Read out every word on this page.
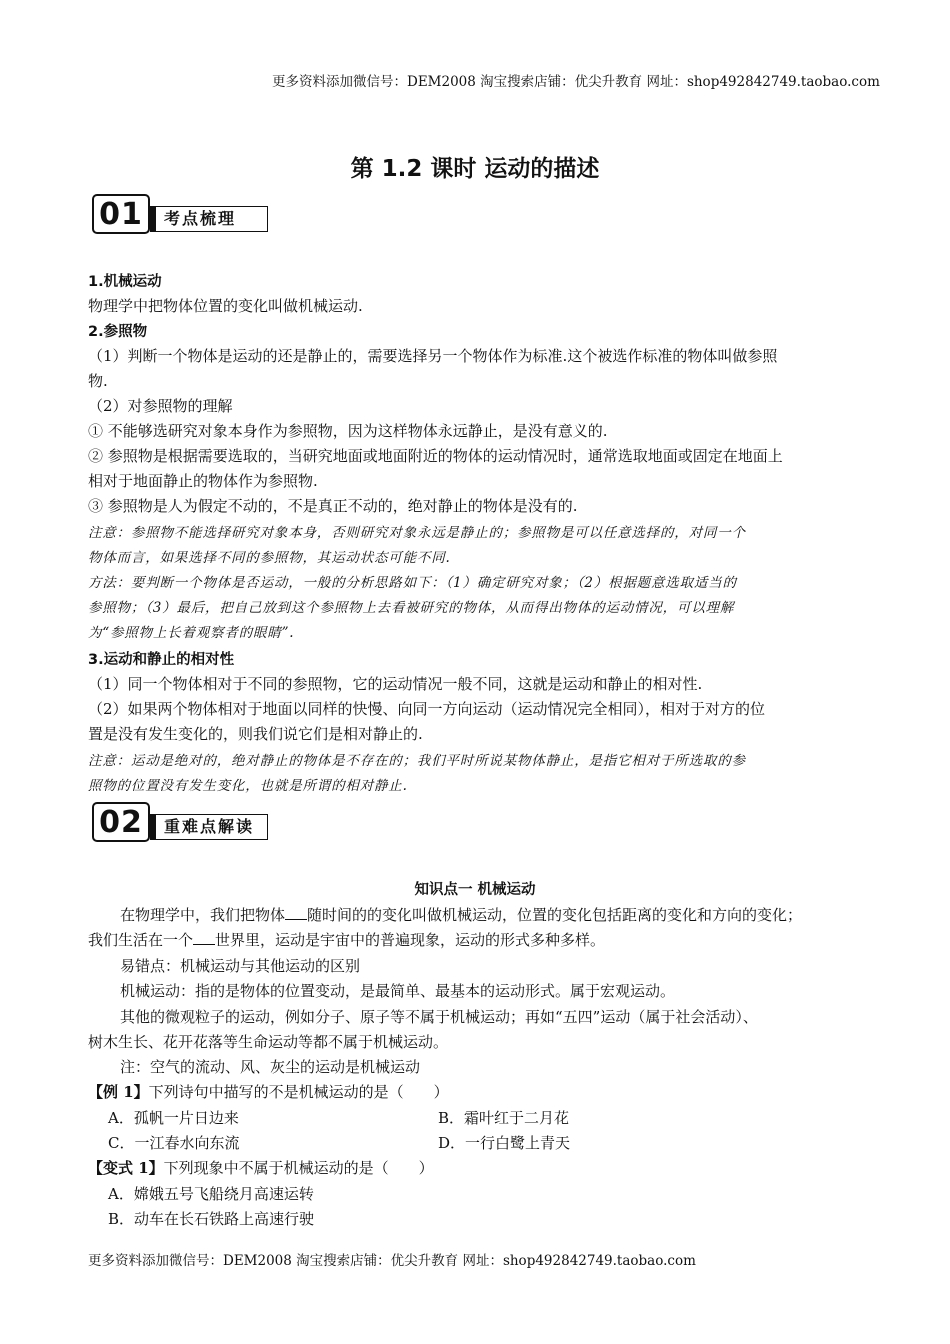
更多资料添加微信号：DEM2008 淘宝搜索店铺：优尖升教育 网址：shop492842749.taobao.com
第 1.2 课时 运动的描述
01	考点梳理
1.机械运动
物理学中把物体位置的变化叫做机械运动.
2.参照物
（1）判断一个物体是运动的还是静止的，需要选择另一个物体作为标准.这个被选作标准的物体叫做参照
物.
（2）对参照物的理解
① 不能够选研究对象本身作为参照物，因为这样物体永远静止，是没有意义的.
② 参照物是根据需要选取的，当研究地面或地面附近的物体的运动情况时，通常选取地面或固定在地面上
相对于地面静止的物体作为参照物.
③ 参照物是人为假定不动的，不是真正不动的，绝对静止的物体是没有的.
注意：参照物不能选择研究对象本身，否则研究对象永远是静止的；参照物是可以任意选择的，对同一个
物体而言，如果选择不同的参照物，其运动状态可能不同.
方法：要判断一个物体是否运动，一般的分析思路如下：（1）确定研究对象；（2）根据题意选取适当的
参照物；（3）最后，把自己放到这个参照物上去看被研究的物体，从而得出物体的运动情况，可以理解
为“参照物上长着观察者的眼睛”.
3.运动和静止的相对性
（1）同一个物体相对于不同的参照物，它的运动情况一般不同，这就是运动和静止的相对性.
（2）如果两个物体相对于地面以同样的快慢、向同一方向运动（运动情况完全相同），相对于对方的位
置是没有发生变化的，则我们说它们是相对静止的.
注意：运动是绝对的，绝对静止的物体是不存在的；我们平时所说某物体静止，是指它相对于所选取的参
照物的位置没有发生变化，也就是所谓的相对静止.
02	重难点解读
知识点一 机械运动
在物理学中，我们把物体 随时间的的变化叫做机械运动，位置的变化包括距离的变化和方向的变化；
我们生活在一个 世界里，运动是宇宙中的普遍现象，运动的形式多种多样。
易错点：机械运动与其他运动的区别
机械运动：指的是物体的位置变动，是最简单、最基本的运动形式。属于宏观运动。
其他的微观粒子的运动，例如分子、原子等不属于机械运动；再如“五四”运动（属于社会活动）、
树木生长、花开花落等生命运动等都不属于机械运动。
注：空气的流动、风、灰尘的运动是机械运动
【例 1】下列诗句中描写的不是机械运动的是（　　）
A．孤帆一片日边来	B．霜叶红于二月花
C．一江春水向东流	D．一行白鹭上青天
【变式 1】下列现象中不属于机械运动的是（　　）
A．嫦娥五号飞船绕月高速运转
B．动车在长石铁路上高速行驶
更多资料添加微信号：DEM2008 淘宝搜索店铺：优尖升教育 网址：shop492842749.taobao.com
